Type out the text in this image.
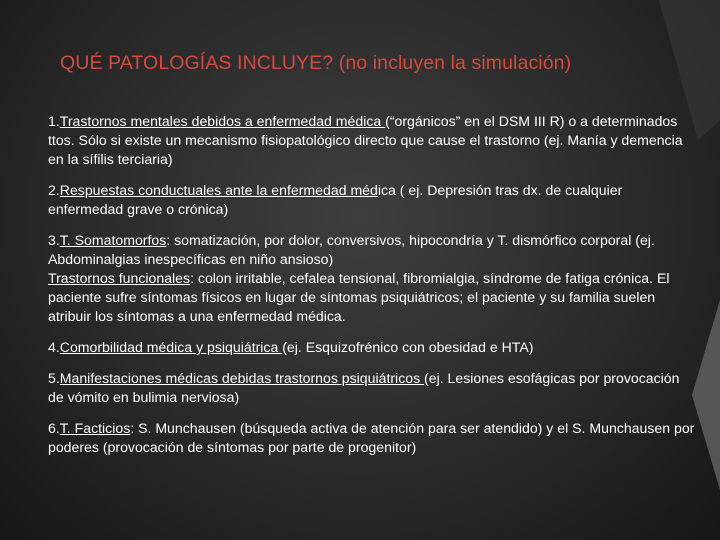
QUÉ PATOLOGÍAS INCLUYE? (no incluyen la simulación)

1.Trastornos mentales debidos a enfermedad médica (“orgánicos” en el DSM III R) o a determinados ttos. Sólo si existe un mecanismo fisiopatológico directo que cause el trastorno (ej. Manía y demencia en la sífilis terciaria)

2.Respuestas conductuales ante la enfermedad médica ( ej. Depresión tras dx. de cualquier enfermedad grave o crónica)

3.T. Somatomorfos: somatización, por dolor, conversivos, hipocondría y T. dismórfico corporal (ej. Abdominalgias inespecíficas en niño ansioso)
Trastornos funcionales: colon irritable, cefalea tensional, fibromialgia, síndrome de fatiga crónica. El paciente sufre síntomas físicos en lugar de síntomas psiquiátricos; el paciente y su familia suelen atribuir los síntomas a una enfermedad médica.

4.Comorbilidad médica y psiquiátrica (ej. Esquizofrénico con obesidad e HTA)

5.Manifestaciones médicas debidas trastornos psiquiátricos (ej. Lesiones esofágicas por provocación de vómito en bulimia nerviosa)

6.T. Facticios: S. Munchausen (búsqueda activa de atención para ser atendido) y el S. Munchausen por poderes (provocación de síntomas por parte de progenitor)
